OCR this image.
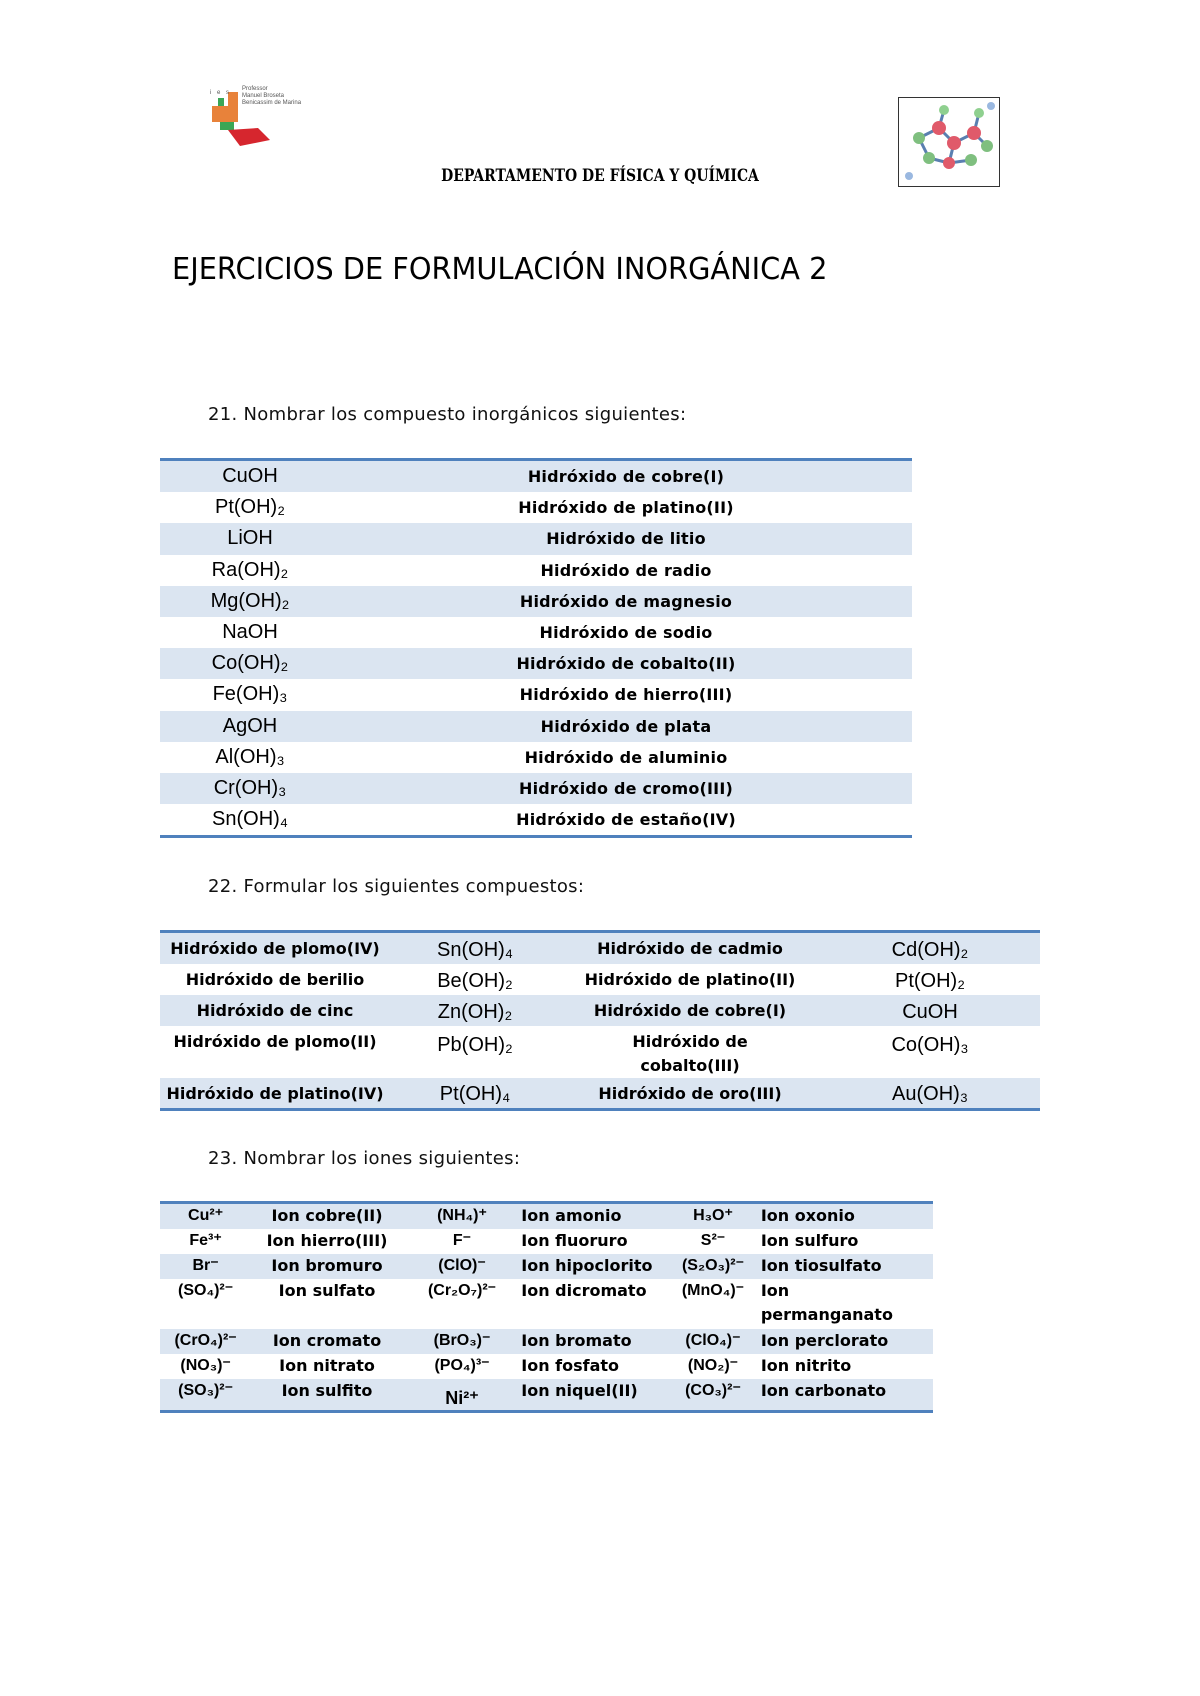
i e s
Professor
Manuel Broseta
Benicassim de Marina
DEPARTAMENTO DE FÍSICA Y QUÍMICA
EJERCICIOS DE FORMULACIÓN INORGÁNICA 2
21. Nombrar los compuesto inorgánicos siguientes:
CuOH	Hidróxido de cobre(I)
Pt(OH)₂	Hidróxido de platino(II)
LiOH	Hidróxido de litio
Ra(OH)₂	Hidróxido de radio
Mg(OH)₂	Hidróxido de magnesio
NaOH	Hidróxido de sodio
Co(OH)₂	Hidróxido de cobalto(II)
Fe(OH)₃	Hidróxido de hierro(III)
AgOH	Hidróxido de plata
Al(OH)₃	Hidróxido de aluminio
Cr(OH)₃	Hidróxido de cromo(III)
Sn(OH)₄	Hidróxido de estaño(IV)
22. Formular los siguientes compuestos:
Hidróxido de plomo(IV)	Sn(OH)₄	Hidróxido de cadmio	Cd(OH)₂
Hidróxido de berilio	Be(OH)₂	Hidróxido de platino(II)	Pt(OH)₂
Hidróxido de cinc	Zn(OH)₂	Hidróxido de cobre(I)	CuOH
Hidróxido de plomo(II)	Pb(OH)₂	Hidróxido de cobalto(III)	Co(OH)₃
Hidróxido de platino(IV)	Pt(OH)₄	Hidróxido de oro(III)	Au(OH)₃
23. Nombrar los iones siguientes:
Cu²⁺	Ion cobre(II)	(NH₄)⁺	Ion amonio	H₃O⁺	Ion oxonio
Fe³⁺	Ion hierro(III)	F⁻	Ion fluoruro	S²⁻	Ion sulfuro
Br⁻	Ion bromuro	(ClO)⁻	Ion hipoclorito	(S₂O₃)²⁻	Ion tiosulfato
(SO₄)²⁻	Ion sulfato	(Cr₂O₇)²⁻	Ion dicromato	(MnO₄)⁻	Ion permanganato
(CrO₄)²⁻	Ion cromato	(BrO₃)⁻	Ion bromato	(ClO₄)⁻	Ion perclorato
(NO₃)⁻	Ion nitrato	(PO₄)³⁻	Ion fosfato	(NO₂)⁻	Ion nitrito
(SO₃)²⁻	Ion sulfito	Ni²⁺	Ion niquel(II)	(CO₃)²⁻	Ion carbonato
